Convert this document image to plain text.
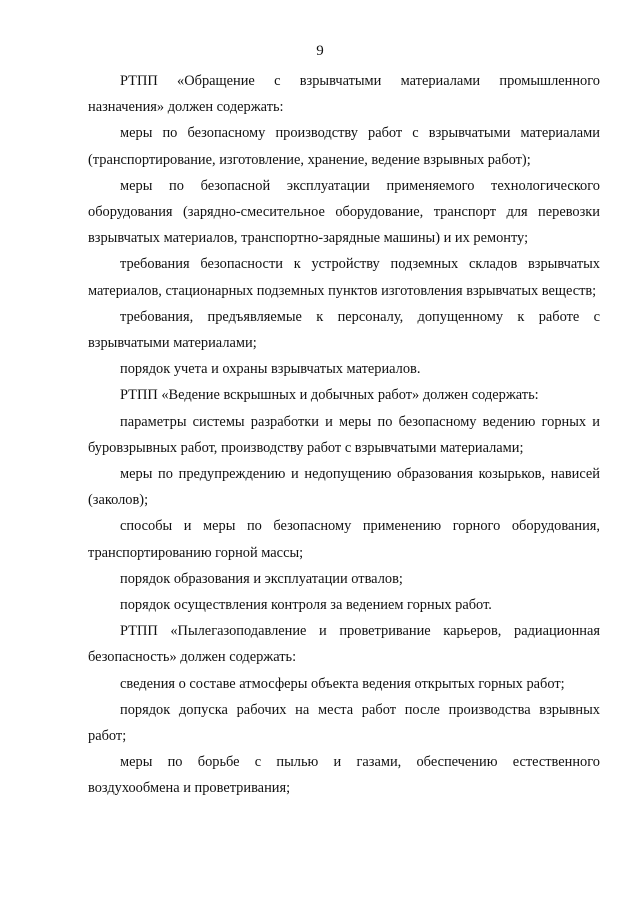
9

РТПП «Обращение с взрывчатыми материалами промышленного назначения» должен содержать:

меры по безопасному производству работ с взрывчатыми материалами (транспортирование, изготовление, хранение, ведение взрывных работ);

меры по безопасной эксплуатации применяемого технологического оборудования (зарядно-смесительное оборудование, транспорт для перевозки взрывчатых материалов, транспортно-зарядные машины) и их ремонту;

требования безопасности к устройству подземных складов взрывчатых материалов, стационарных подземных пунктов изготовления взрывчатых веществ;

требования, предъявляемые к персоналу, допущенному к работе с взрывчатыми материалами;

порядок учета и охраны взрывчатых материалов.

РТПП «Ведение вскрышных и добычных работ» должен содержать:

параметры системы разработки и меры по безопасному ведению горных и буровзрывных работ, производству работ с взрывчатыми материалами;

меры по предупреждению и недопущению образования козырьков, нависей (заколов);

способы и меры по безопасному применению горного оборудования, транспортированию горной массы;

порядок образования и эксплуатации отвалов;

порядок осуществления контроля за ведением горных работ.

РТПП «Пылегазоподавление и проветривание карьеров, радиационная безопасность» должен содержать:

сведения о составе атмосферы объекта ведения открытых горных работ;

порядок допуска рабочих на места работ после производства взрывных работ;

меры по борьбе с пылью и газами, обеспечению естественного воздухообмена и проветривания;
